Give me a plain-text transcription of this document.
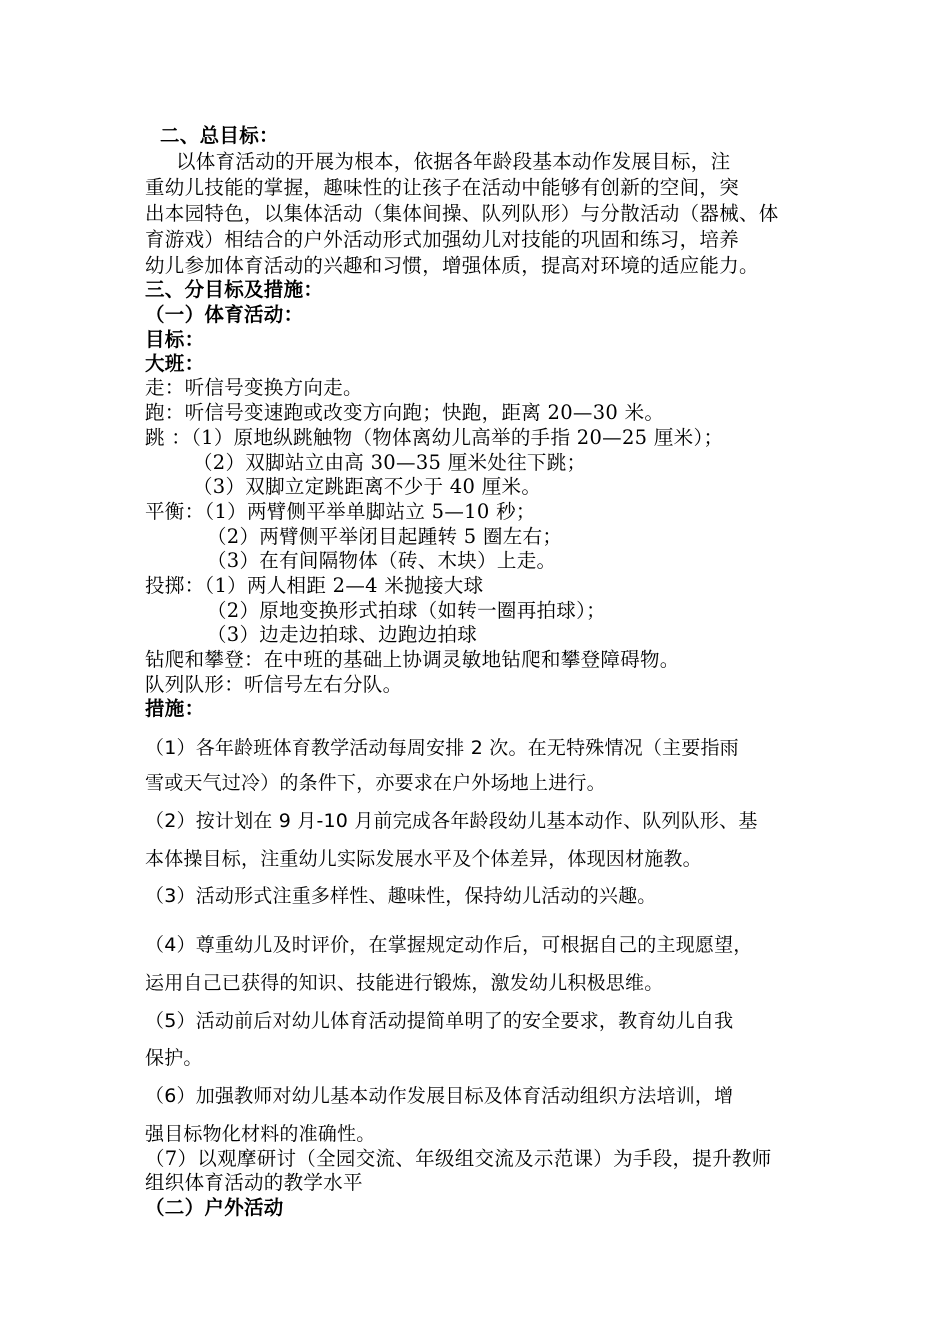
二、总目标：
以体育活动的开展为根本，依据各年龄段基本动作发展目标，注
重幼儿技能的掌握，趣味性的让孩子在活动中能够有创新的空间，突
出本园特色，以集体活动（集体间操、队列队形）与分散活动（器械、体
育游戏）相结合的户外活动形式加强幼儿对技能的巩固和练习，培养
幼儿参加体育活动的兴趣和习惯，增强体质，提高对环境的适应能力。
三、分目标及措施：
（一）体育活动：
目标：
大班：
走：听信号变换方向走。
跑：听信号变速跑或改变方向跑；快跑，距离 20—30 米。
跳 ：（1）原地纵跳触物（物体离幼儿高举的手指 20—25 厘米）；
（2）双脚站立由高 30—35 厘米处往下跳；
（3）双脚立定跳距离不少于 40 厘米。
平衡：（1）两臂侧平举单脚站立 5—10 秒；
（2）两臂侧平举闭目起踵转 5 圈左右；
（3）在有间隔物体（砖、木块）上走。
投掷：（1）两人相距 2—4 米抛接大球
（2）原地变换形式拍球（如转一圈再拍球）；
（3）边走边拍球、边跑边拍球
钻爬和攀登：在中班的基础上协调灵敏地钻爬和攀登障碍物。
队列队形：听信号左右分队。
措施：
（1）各年龄班体育教学活动每周安排 2 次。在无特殊情况（主要指雨
雪或天气过冷）的条件下，亦要求在户外场地上进行。
（2）按计划在 9 月-10 月前完成各年龄段幼儿基本动作、队列队形、基
本体操目标，注重幼儿实际发展水平及个体差异，体现因材施教。
（3）活动形式注重多样性、趣味性，保持幼儿活动的兴趣。
（4）尊重幼儿及时评价，在掌握规定动作后，可根据自己的主现愿望，
运用自己已获得的知识、技能进行锻炼，激发幼儿积极思维。
（5）活动前后对幼儿体育活动提简单明了的安全要求，教育幼儿自我
保护。
（6）加强教师对幼儿基本动作发展目标及体育活动组织方法培训，增
强目标物化材料的准确性。
（7）以观摩研讨（全园交流、年级组交流及示范课）为手段，提升教师
组织体育活动的教学水平
（二）户外活动
